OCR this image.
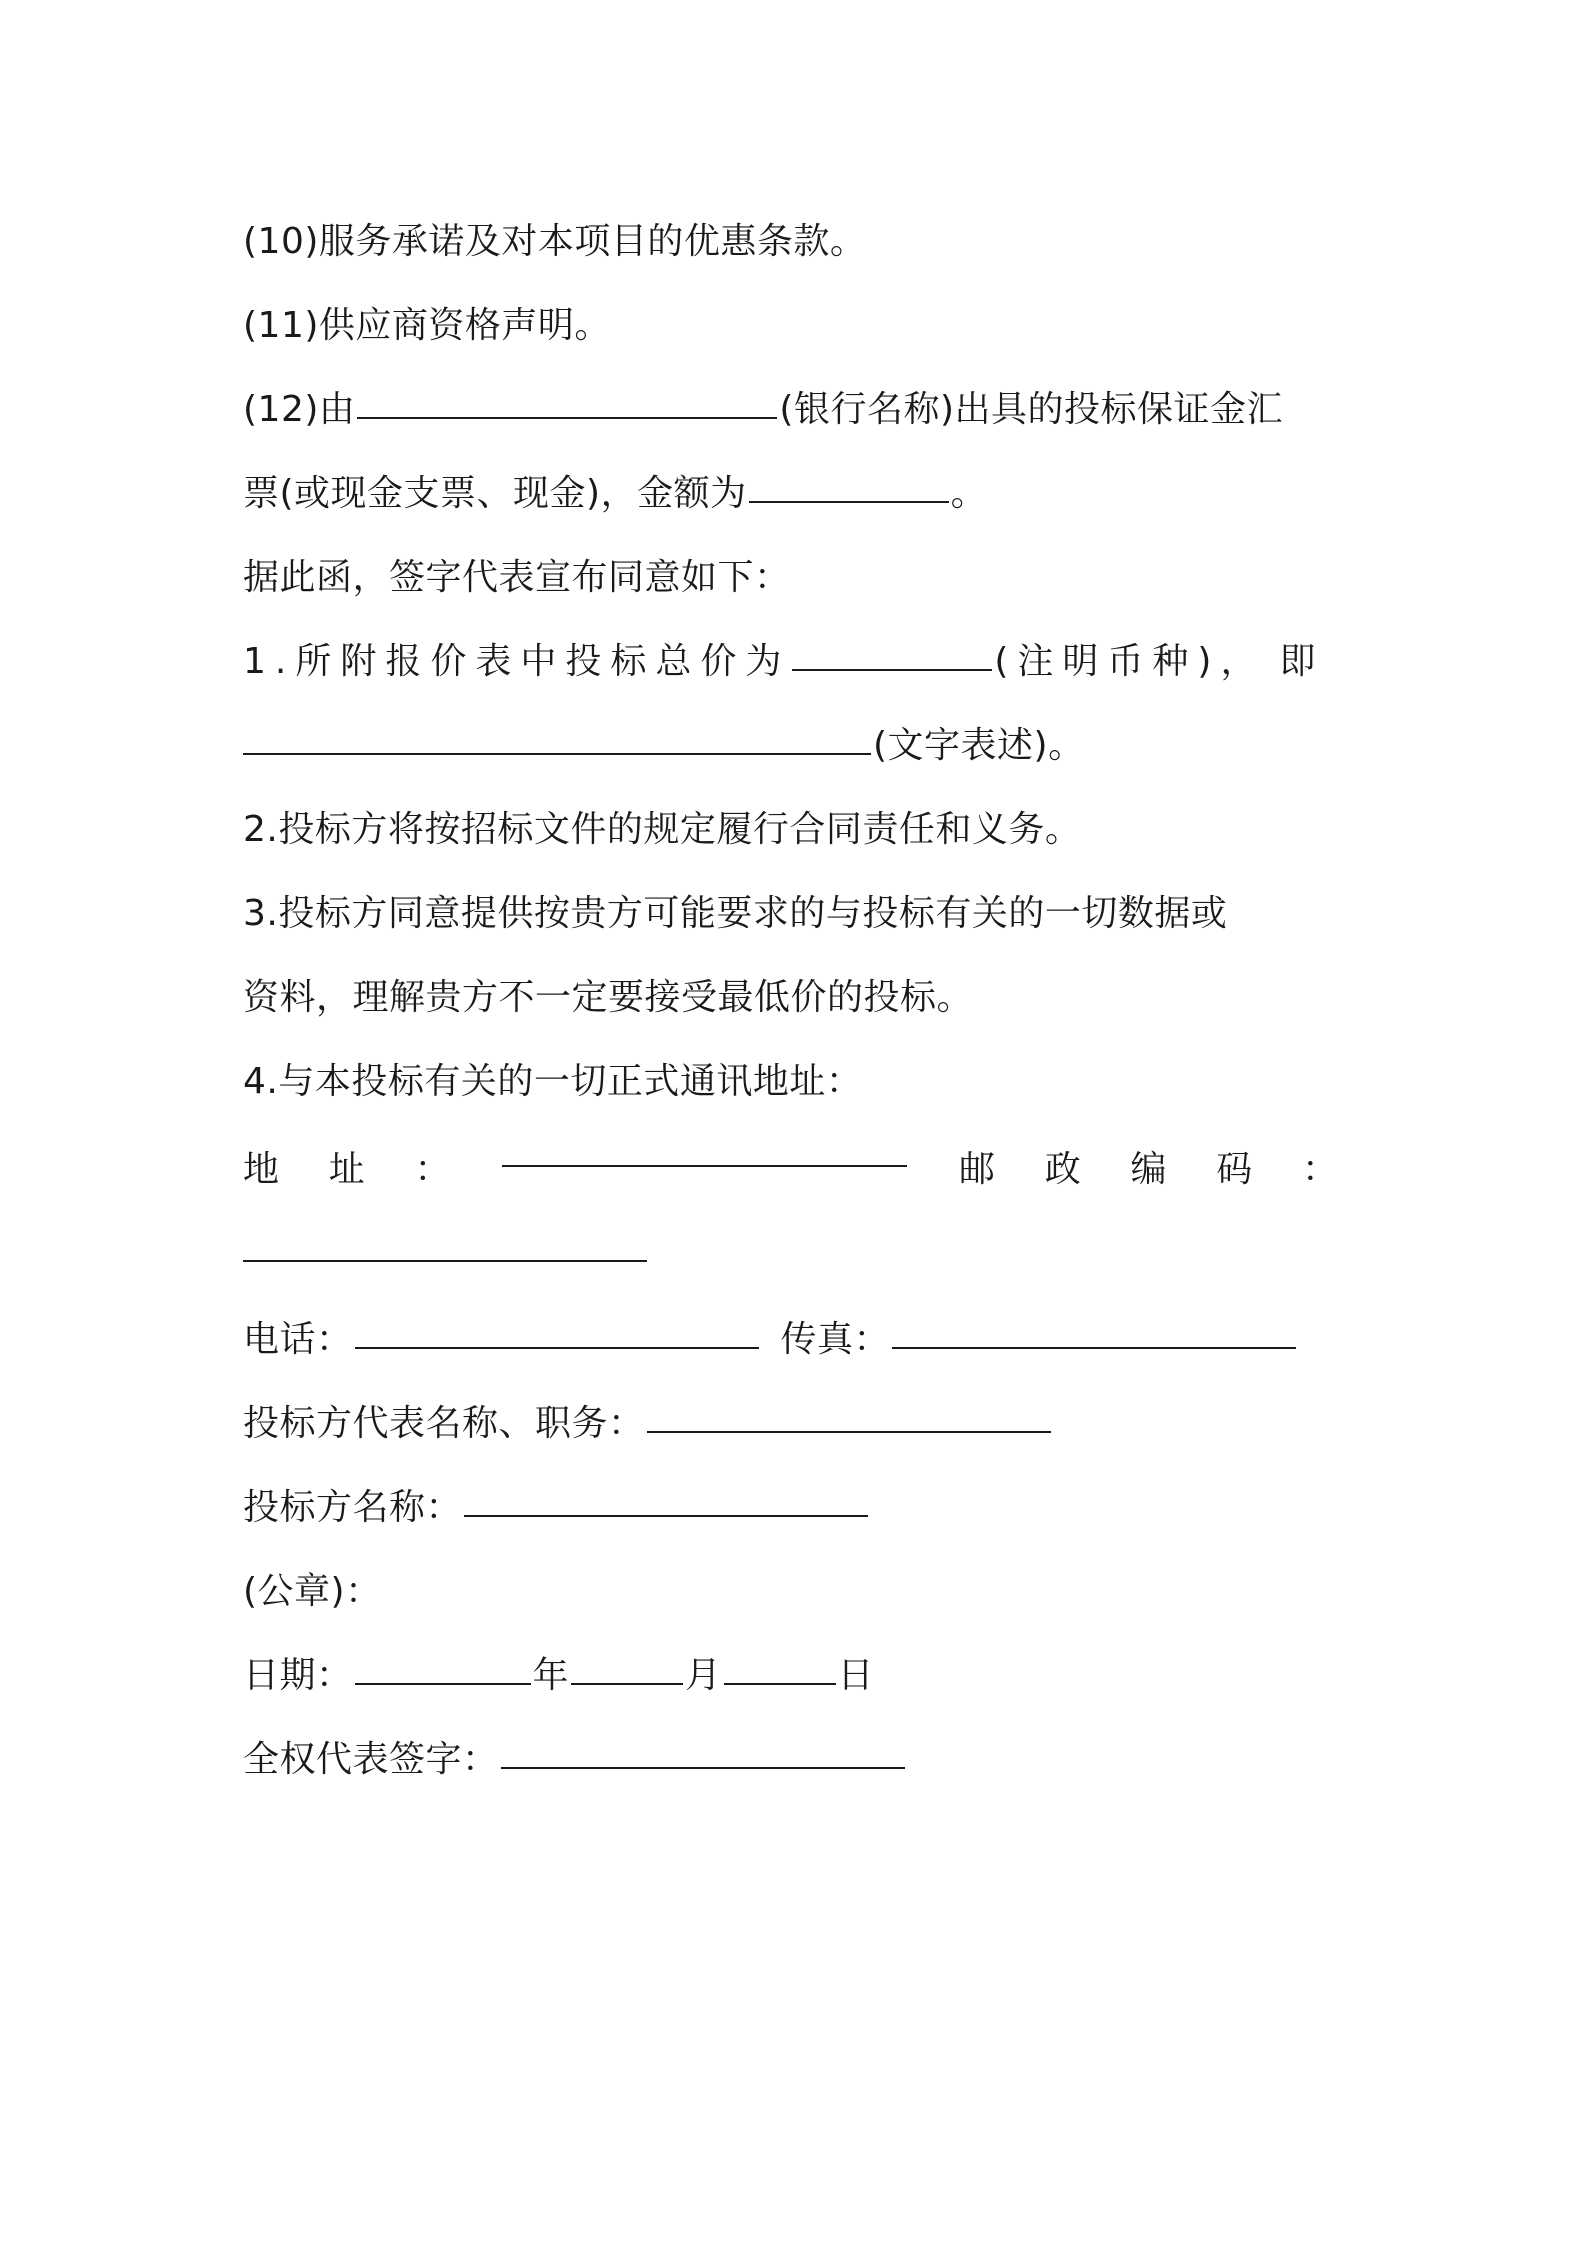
(10)服务承诺及对本项目的优惠条款。
(11)供应商资格声明。
(12)由	(银行名称)出具的投标保证金汇
票(或现金支票、现金)，金额为	。
据此函，签字代表宣布同意如下：
1.所附报价表中投标总价为	(注明币种)， 即
(文字表述)。
2.投标方将按招标文件的规定履行合同责任和义务。
3.投标方同意提供按贵方可能要求的与投标有关的一切数据或
资料，理解贵方不一定要接受最低价的投标。
4.与本投标有关的一切正式通讯地址：
地 址 ：	邮 政 编 码 ：
电话：	传真：
投标方代表名称、职务：
投标方名称：
(公章)：
日期：	年	月	日
全权代表签字：
